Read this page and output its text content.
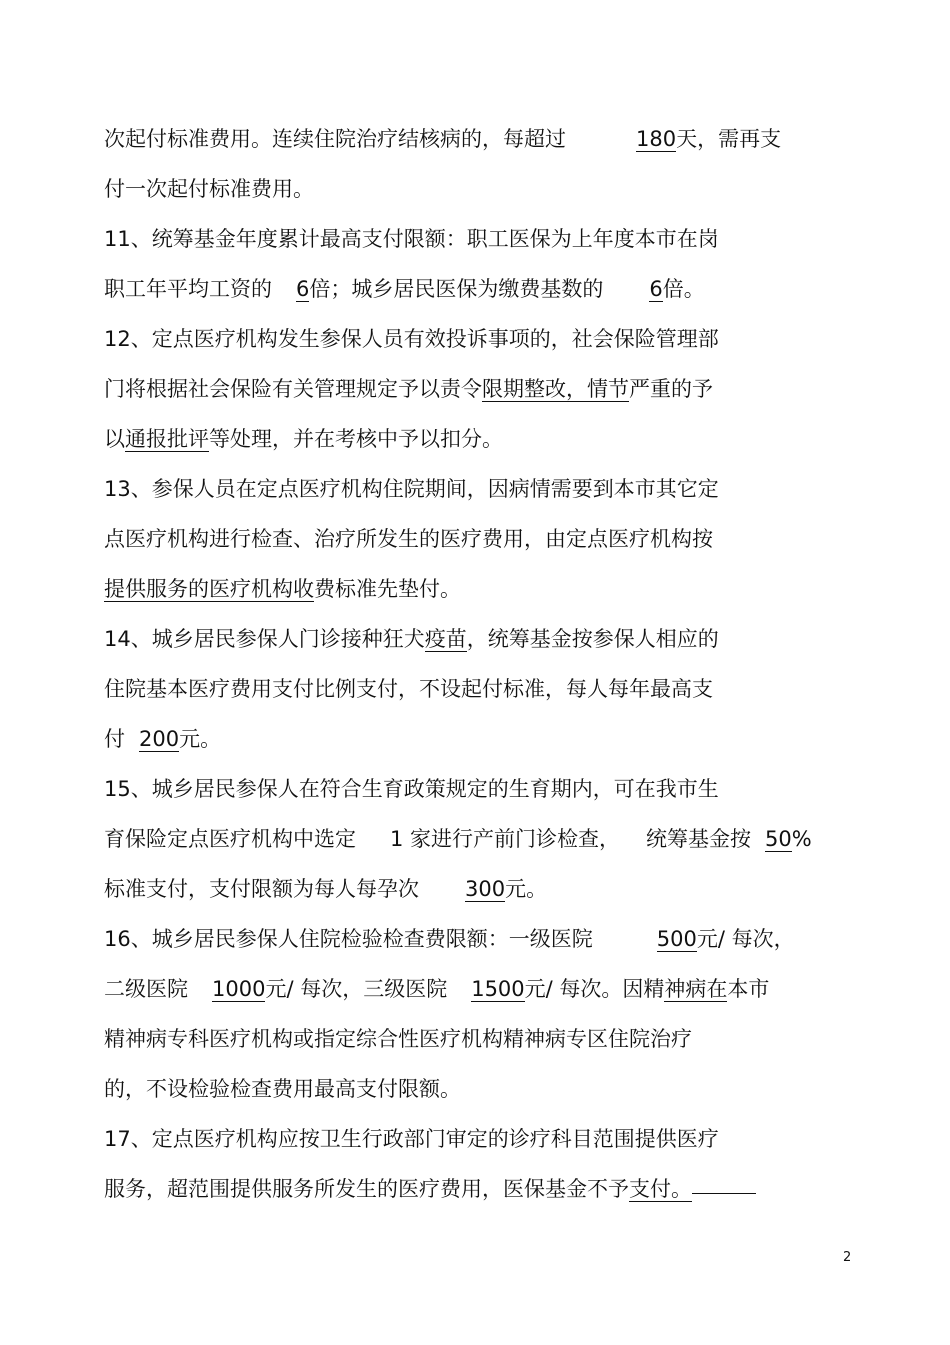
次起付标准费用。连续住院治疗结核病的，每超过	180天，需再支
付一次起付标准费用。
11、统筹基金年度累计最高支付限额：职工医保为上年度本市在岗
职工年平均工资的 6倍；城乡居民医保为缴费基数的 6倍。
12、定点医疗机构发生参保人员有效投诉事项的，社会保险管理部
门将根据社会保险有关管理规定予以责令限期整改，情节严重的予
以通报批评等处理，并在考核中予以扣分。
13、参保人员在定点医疗机构住院期间，因病情需要到本市其它定
点医疗机构进行检查、治疗所发生的医疗费用，由定点医疗机构按
提供服务的医疗机构收费标准先垫付。
14、城乡居民参保人门诊接种狂犬疫苗，统筹基金按参保人相应的
住院基本医疗费用支付比例支付，不设起付标准，每人每年最高支
付 200元。
15、城乡居民参保人在符合生育政策规定的生育期内，可在我市生
育保险定点医疗机构中选定 1 家进行产前门诊检查， 统筹基金按 50%
标准支付，支付限额为每人每孕次 300元。
16、城乡居民参保人住院检验检查费限额：一级医院	500元/ 每次，
二级医院 1000元/ 每次，三级医院 1500元/ 每次。因精神病在本市
精神病专科医疗机构或指定综合性医疗机构精神病专区住院治疗
的，不设检验检查费用最高支付限额。
17、定点医疗机构应按卫生行政部门审定的诊疗科目范围提供医疗
服务，超范围提供服务所发生的医疗费用，医保基金不予支付。
2
